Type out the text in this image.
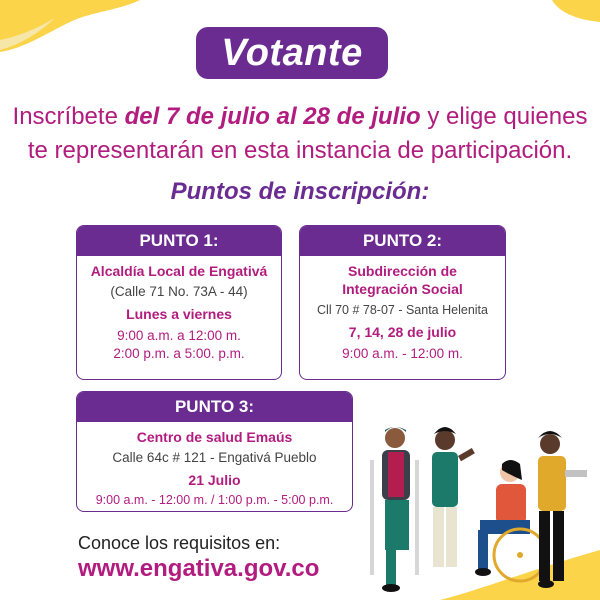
Votante
Inscríbete del 7 de julio al 28 de julio y elige quienes
te representarán en esta instancia de participación.
Puntos de inscripción:
PUNTO 1:
Alcaldía Local de Engativá
(Calle 71 No. 73A - 44)
Lunes a viernes
9:00 a.m. a 12:00 m.
2:00 p.m. a 5:00. p.m.
PUNTO 2:
Subdirección de
Integración Social
Cll 70 # 78-07 - Santa Helenita
7, 14, 28 de julio
9:00 a.m. - 12:00 m.
PUNTO 3:
Centro de salud Emaús
Calle 64c # 121 - Engativá Pueblo
21 Julio
9:00 a.m. - 12:00 m. / 1:00 p.m. - 5:00 p.m.
Conoce los requisitos en:
www.engativa.gov.co
